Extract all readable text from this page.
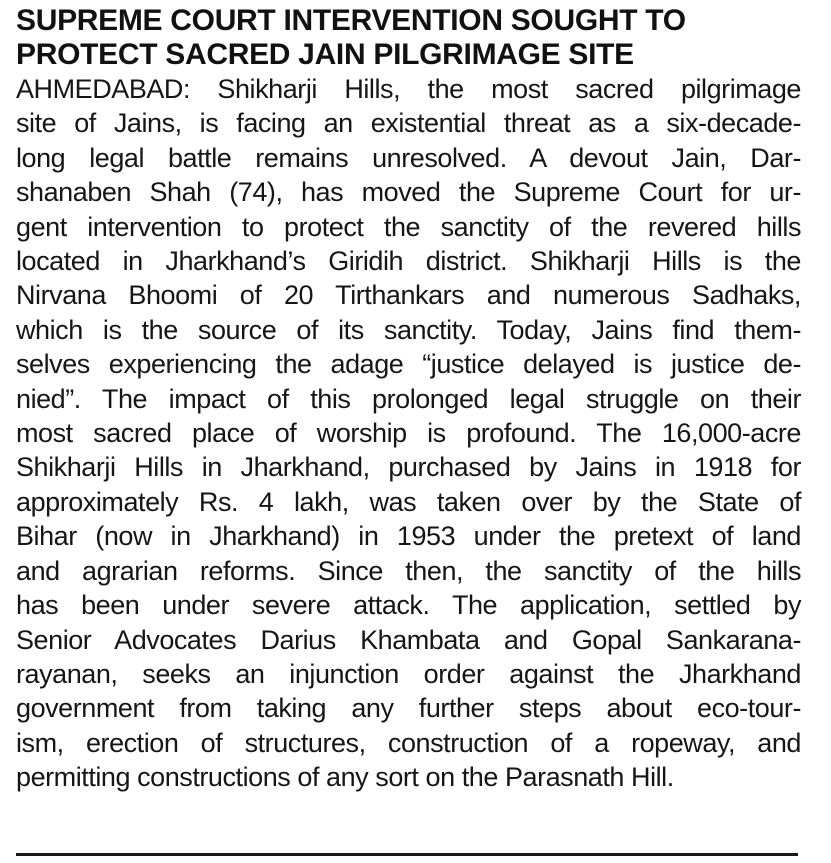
SUPREME COURT INTERVENTION SOUGHT TO
PROTECT SACRED JAIN PILGRIMAGE SITE
AHMEDABAD: Shikharji Hills, the most sacred pilgrimage
site of Jains, is facing an existential threat as a six-decade-
long legal battle remains unresolved. A devout Jain, Dar-
shanaben Shah (74), has moved the Supreme Court for ur-
gent intervention to protect the sanctity of the revered hills
located in Jharkhand’s Giridih district. Shikharji Hills is the
Nirvana Bhoomi of 20 Tirthankars and numerous Sadhaks,
which is the source of its sanctity. Today, Jains find them-
selves experiencing the adage “justice delayed is justice de-
nied”. The impact of this prolonged legal struggle on their
most sacred place of worship is profound. The 16,000-acre
Shikharji Hills in Jharkhand, purchased by Jains in 1918 for
approximately Rs. 4 lakh, was taken over by the State of
Bihar (now in Jharkhand) in 1953 under the pretext of land
and agrarian reforms. Since then, the sanctity of the hills
has been under severe attack. The application, settled by
Senior Advocates Darius Khambata and Gopal Sankarana-
rayanan, seeks an injunction order against the Jharkhand
government from taking any further steps about eco-tour-
ism, erection of structures, construction of a ropeway, and
permitting constructions of any sort on the Parasnath Hill.
